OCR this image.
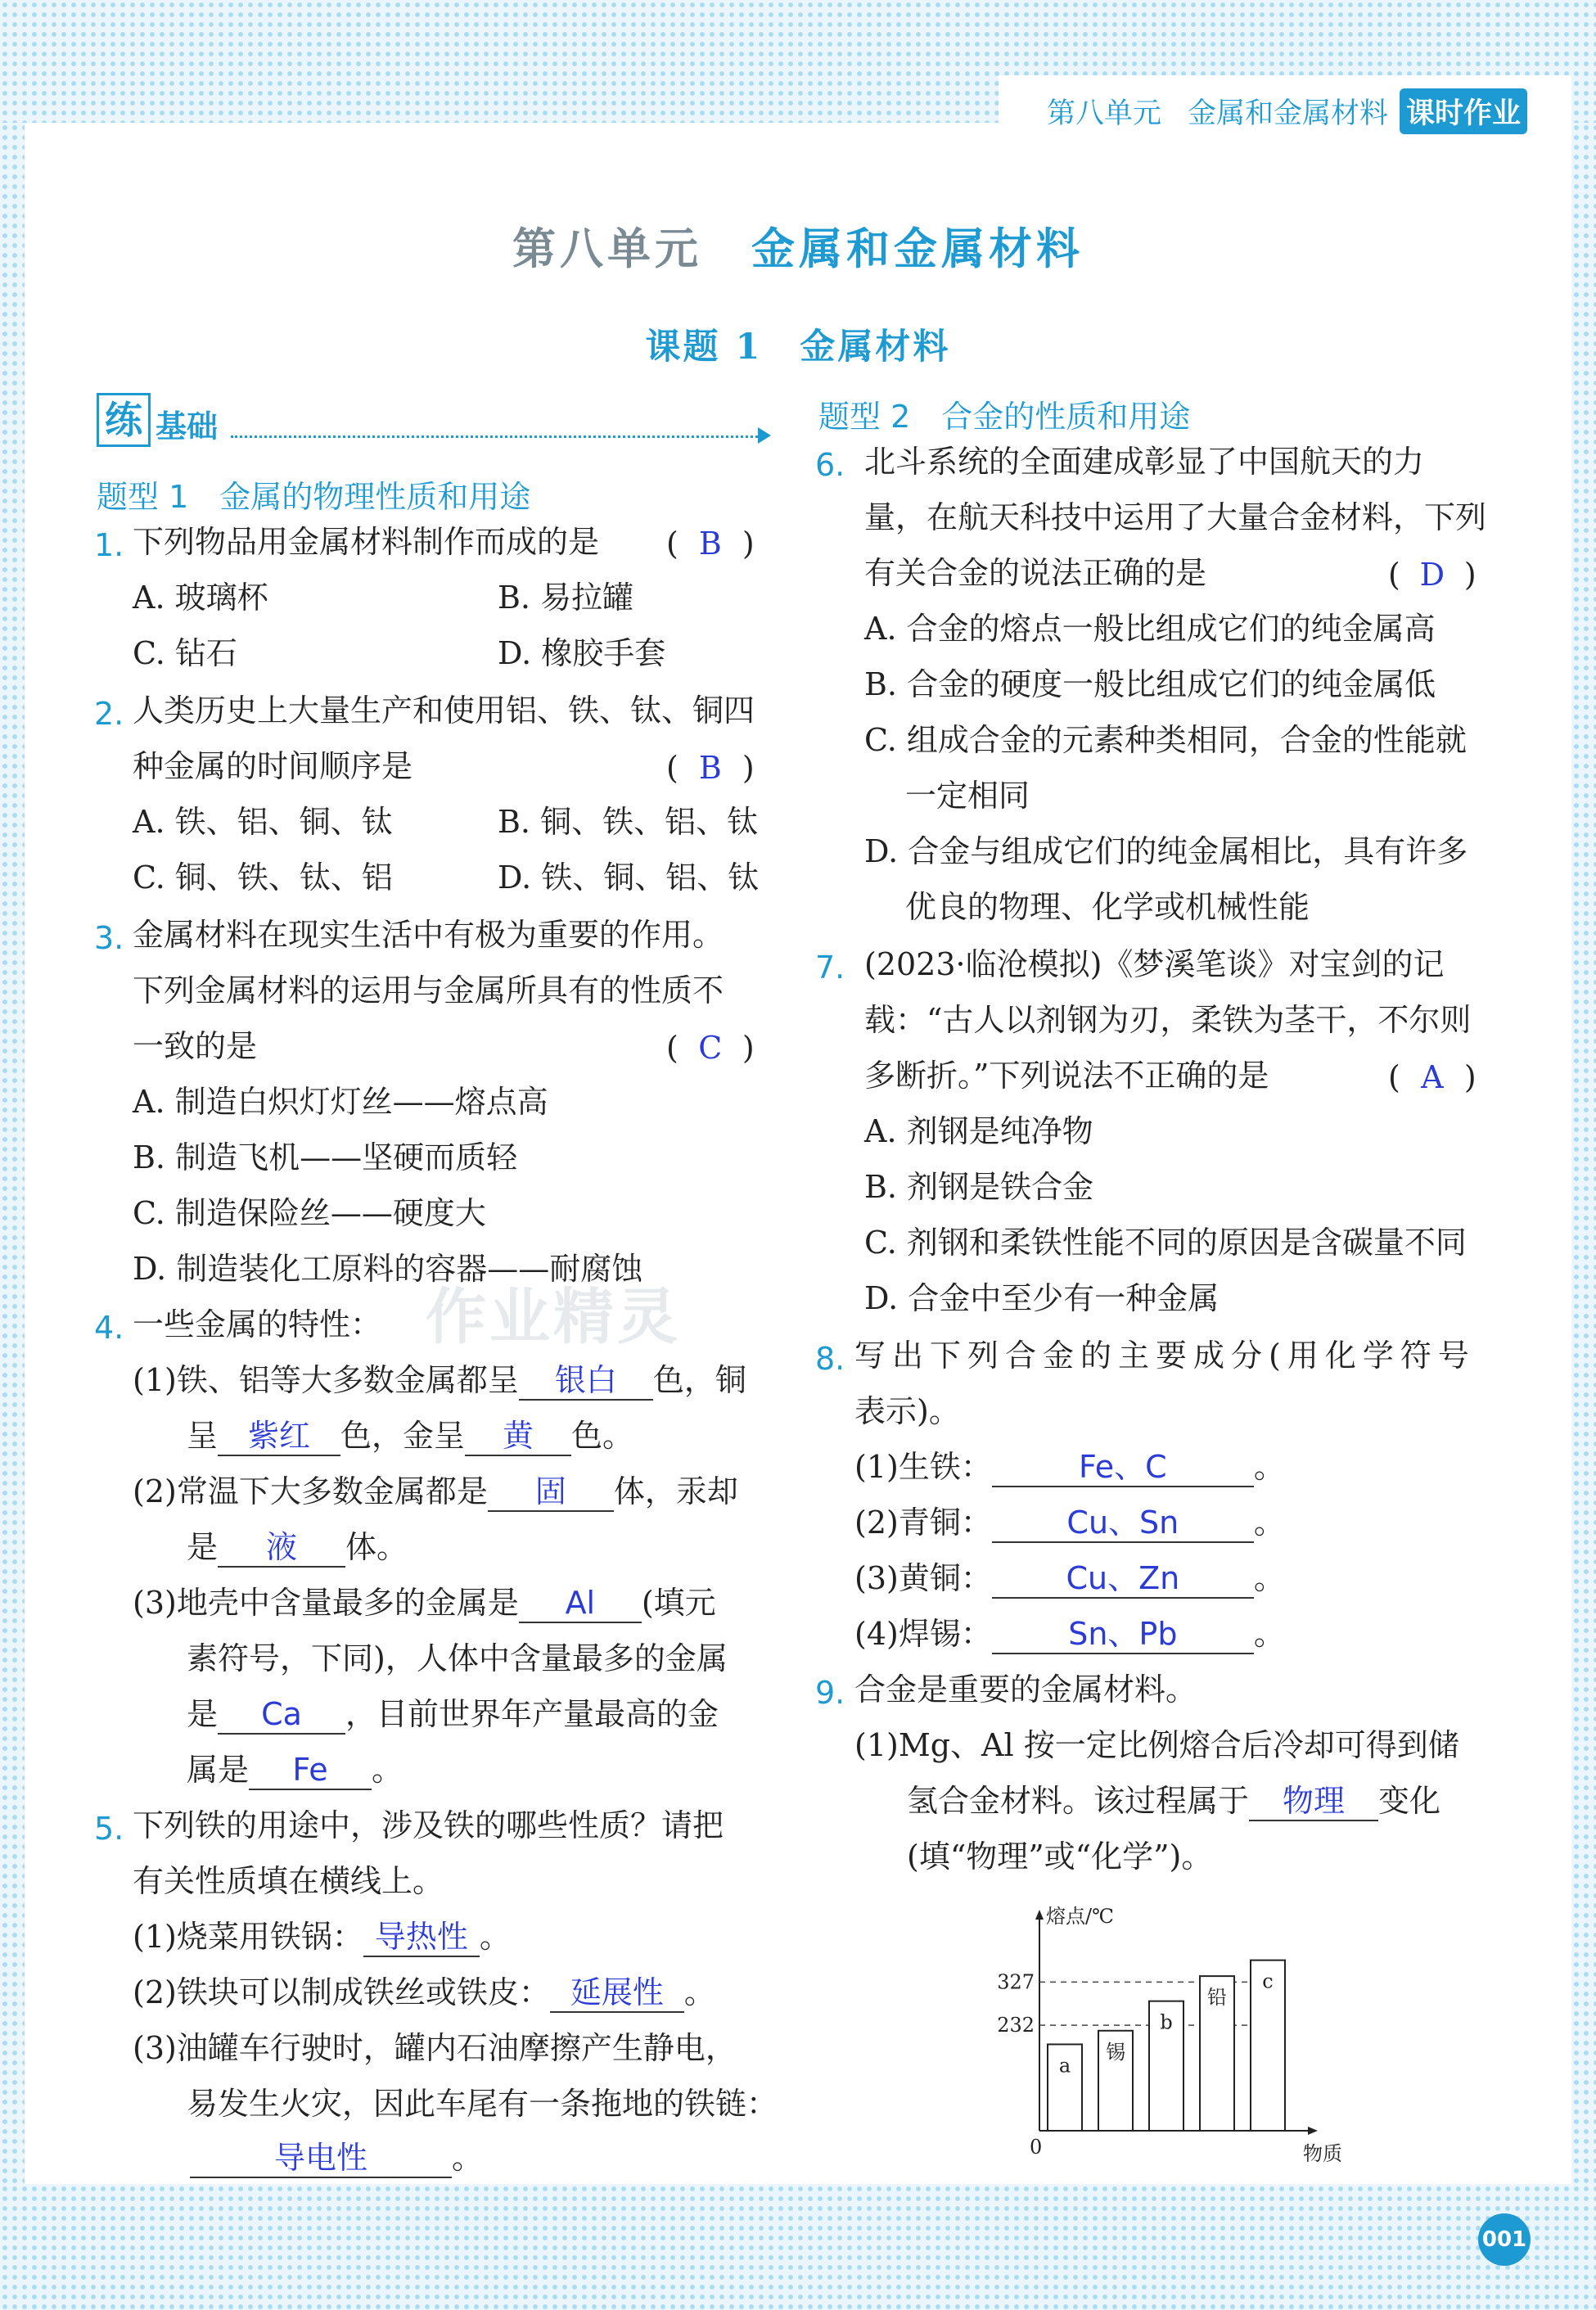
第八单元 金属和金属材料 课时作业
第八单元 金属和金属材料
课题 1　金属材料
练 基础
作业精灵
题型 1　金属的物理性质和用途
1. 下列物品用金属材料制作而成的是 ( B )
A. 玻璃杯	B. 易拉罐
C. 钻石	D. 橡胶手套
2. 人类历史上大量生产和使用铝、铁、钛、铜四
种金属的时间顺序是	( B )
A. 铁、铝、铜、钛	B. 铜、铁、铝、钛
C. 铜、铁、钛、铝	D. 铁、铜、铝、钛
3. 金属材料在现实生活中有极为重要的作用。
下列金属材料的运用与金属所具有的性质不
一致的是	( C )
A. 制造白炽灯灯丝——熔点高
B. 制造飞机——坚硬而质轻
C. 制造保险丝——硬度大
D. 制造装化工原料的容器——耐腐蚀
4. 一些金属的特性：
(1)铁、铝等大多数金属都呈 银白 色，铜
呈 紫红 色，金呈 黄 色。
(2)常温下大多数金属都是 固 体，汞却
是 液 体。
(3)地壳中含量最多的金属是 Al (填元
素符号，下同)，人体中含量最多的金属
是 Ca ，目前世界年产量最高的金
属是 Fe 。
5. 下列铁的用途中，涉及铁的哪些性质？请把
有关性质填在横线上。
(1)烧菜用铁锅： 导热性 。
(2)铁块可以制成铁丝或铁皮： 延展性 。
(3)油罐车行驶时，罐内石油摩擦产生静电，
易发生火灾，因此车尾有一条拖地的铁链：
导电性	。
题型 2　合金的性质和用途
6. 北斗系统的全面建成彰显了中国航天的力
量，在航天科技中运用了大量合金材料，下列
有关合金的说法正确的是	( D )
A. 合金的熔点一般比组成它们的纯金属高
B. 合金的硬度一般比组成它们的纯金属低
C. 组成合金的元素种类相同，合金的性能就
一定相同
D. 合金与组成它们的纯金属相比，具有许多
优良的物理、化学或机械性能
7. (2023·临沧模拟)《梦溪笔谈》对宝剑的记
载：“古人以剂钢为刃，柔铁为茎干，不尔则
多断折。”下列说法不正确的是	( A )
A. 剂钢是纯净物
B. 剂钢是铁合金
C. 剂钢和柔铁性能不同的原因是含碳量不同
D. 合金中至少有一种金属
8. 写出下列合金的主要成分(用化学符号
表示)。
(1)生铁：	Fe、C	。
(2)青铜： Cu、Sn 。
(3)黄铜： Cu、Zn 。
(4)焊锡： Sn、Pb 。
9. 合金是重要的金属材料。
(1)Mg、Al 按一定比例熔合后冷却可得到储
氢合金材料。该过程属于 物理 变化
(填“物理”或“化学”)。
熔点/℃
物质
0
232
327
a
锡
b
铅
c
001
